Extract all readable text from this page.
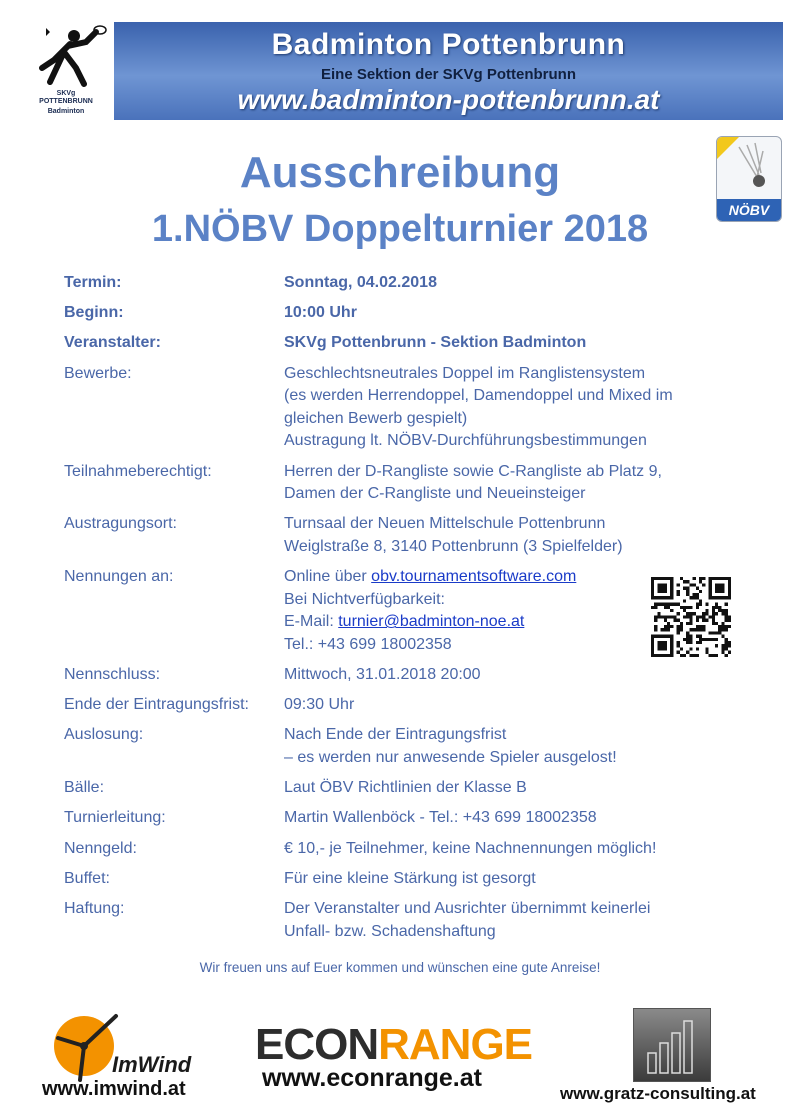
SKVg
POTTENBRUNN
Badminton
Badminton Pottenbrunn
Eine Sektion der SKVg Pottenbrunn
www.badminton-pottenbrunn.at
NÖBV
Ausschreibung
1.NÖBV Doppelturnier 2018
Termin:	Sonntag, 04.02.2018
Beginn:	10:00 Uhr
Veranstalter:	SKVg Pottenbrunn - Sektion Badminton
Bewerbe:	Geschlechtsneutrales Doppel im Ranglistensystem
(es werden Herrendoppel, Damendoppel und Mixed im
gleichen Bewerb gespielt)
Austragung lt. NÖBV-Durchführungsbestimmungen
Teilnahmeberechtigt:	Herren der D-Rangliste sowie C-Rangliste ab Platz 9,
Damen der C-Rangliste und Neueinsteiger
Austragungsort:	Turnsaal der Neuen Mittelschule Pottenbrunn
Weiglstraße 8, 3140 Pottenbrunn (3 Spielfelder)
Nennungen an:	Online über obv.tournamentsoftware.com
Bei Nichtverfügbarkeit:
E-Mail: turnier@badminton-noe.at
Tel.: +43 699 18002358
Nennschluss:	Mittwoch, 31.01.2018 20:00
Ende der Eintragungsfrist:	09:30 Uhr
Auslosung:	Nach Ende der Eintragungsfrist
– es werden nur anwesende Spieler ausgelost!
Bälle:	Laut ÖBV Richtlinien der Klasse B
Turnierleitung:	Martin Wallenböck - Tel.: +43 699 18002358
Nenngeld:	€ 10,- je Teilnehmer, keine Nachnennungen möglich!
Buffet:	Für eine kleine Stärkung ist gesorgt
Haftung:	Der Veranstalter und Ausrichter übernimmt keinerlei
Unfall- bzw. Schadenshaftung
Wir freuen uns auf Euer kommen und wünschen eine gute Anreise!
ImWind
www.imwind.at
ECONRANGE
www.econrange.at
www.gratz-consulting.at
